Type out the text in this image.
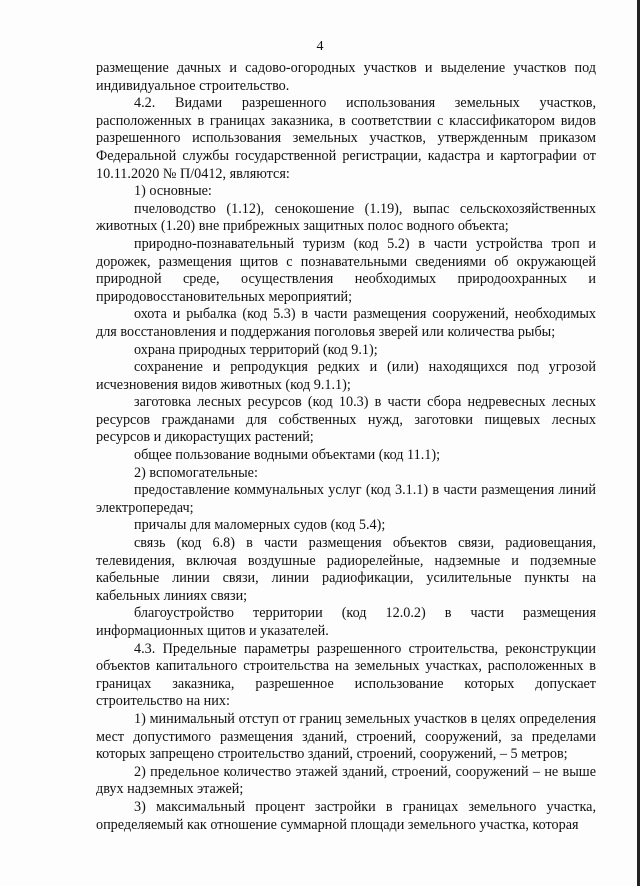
4

размещение дачных и садово-огородных участков и выделение участков под индивидуальное строительство.

4.2. Видами разрешенного использования земельных участков, расположенных в границах заказника, в соответствии с классификатором видов разрешенного использования земельных участков, утвержденным приказом Федеральной службы государственной регистрации, кадастра и картографии от 10.11.2020 № П/0412, являются:

1) основные:

пчеловодство (1.12), сенокошение (1.19), выпас сельскохозяйственных животных (1.20) вне прибрежных защитных полос водного объекта;

природно-познавательный туризм (код 5.2) в части устройства троп и дорожек, размещения щитов с познавательными сведениями об окружающей природной среде, осуществления необходимых природоохранных и природовосстановительных мероприятий;

охота и рыбалка (код 5.3) в части размещения сооружений, необходимых для восстановления и поддержания поголовья зверей или количества рыбы;

охрана природных территорий (код 9.1);

сохранение и репродукция редких и (или) находящихся под угрозой исчезновения видов животных (код 9.1.1);

заготовка лесных ресурсов (код 10.3) в части сбора недревесных лесных ресурсов гражданами для собственных нужд, заготовки пищевых лесных ресурсов и дикорастущих растений;

общее пользование водными объектами (код 11.1);

2) вспомогательные:

предоставление коммунальных услуг (код 3.1.1) в части размещения линий электропередач;

причалы для маломерных судов (код 5.4);

связь (код 6.8) в части размещения объектов связи, радиовещания, телевидения, включая воздушные радиорелейные, надземные и подземные кабельные линии связи, линии радиофикации, усилительные пункты на кабельных линиях связи;

благоустройство территории (код 12.0.2) в части размещения информационных щитов и указателей.

4.3. Предельные параметры разрешенного строительства, реконструкции объектов капитального строительства на земельных участках, расположенных в границах заказника, разрешенное использование которых допускает строительство на них:

1) минимальный отступ от границ земельных участков в целях определения мест допустимого размещения зданий, строений, сооружений, за пределами которых запрещено строительство зданий, строений, сооружений, – 5 метров;

2) предельное количество этажей зданий, строений, сооружений – не выше двух надземных этажей;

3) максимальный процент застройки в границах земельного участка, определяемый как отношение суммарной площади земельного участка, которая
